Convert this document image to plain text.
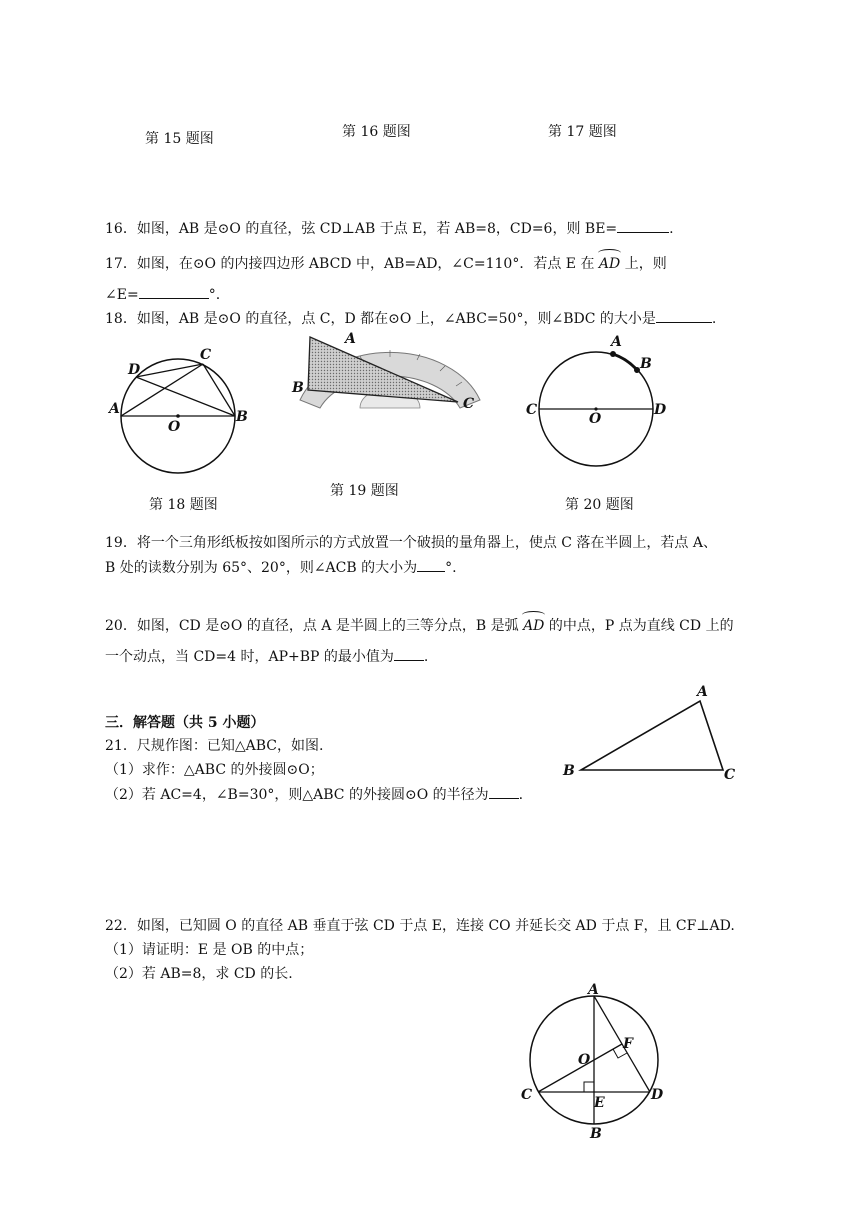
第 15 题图	第 16 题图	第 17 题图
16．如图，AB 是⊙O 的直径，弦 CD⊥AB 于点 E，若 AB=8，CD=6，则 BE=	.
17．如图，在⊙O 的内接四边形 ABCD 中，AB=AD，∠C=110°．若点 E 在 AD 上，则
∠E=	°.
18．如图，AB 是⊙O 的直径，点 C，D 都在⊙O 上，∠ABC=50°，则∠BDC 的大小是	.
D
C
A	B
O
第 18 题图
A
B
C
第 19 题图
A
B
C	D
O
第 20 题图
19．将一个三角形纸板按如图所示的方式放置一个破损的量角器上，使点 C 落在半圆上，若点 A、
B 处的读数分别为 65°、20°，则∠ACB 的大小为 °.
20．如图，CD 是⊙O 的直径，点 A 是半圆上的三等分点，B 是弧 AD 的中点，P 点为直线 CD 上的
一个动点，当 CD=4 时，AP+BP 的最小值为 .
三．解答题（共 5 小题）
21．尺规作图：已知△ABC，如图.
（1）求作：△ABC 的外接圆⊙O；
（2）若 AC=4，∠B=30°，则△ABC 的外接圆⊙O 的半径为 .
A
B	C
22．如图，已知圆 O 的直径 AB 垂直于弦 CD 于点 E，连接 CO 并延长交 AD 于点 F，且 CF⊥AD.
（1）请证明：E 是 OB 的中点；
（2）若 AB=8，求 CD 的长.
A
F
O
C	E	D
B
